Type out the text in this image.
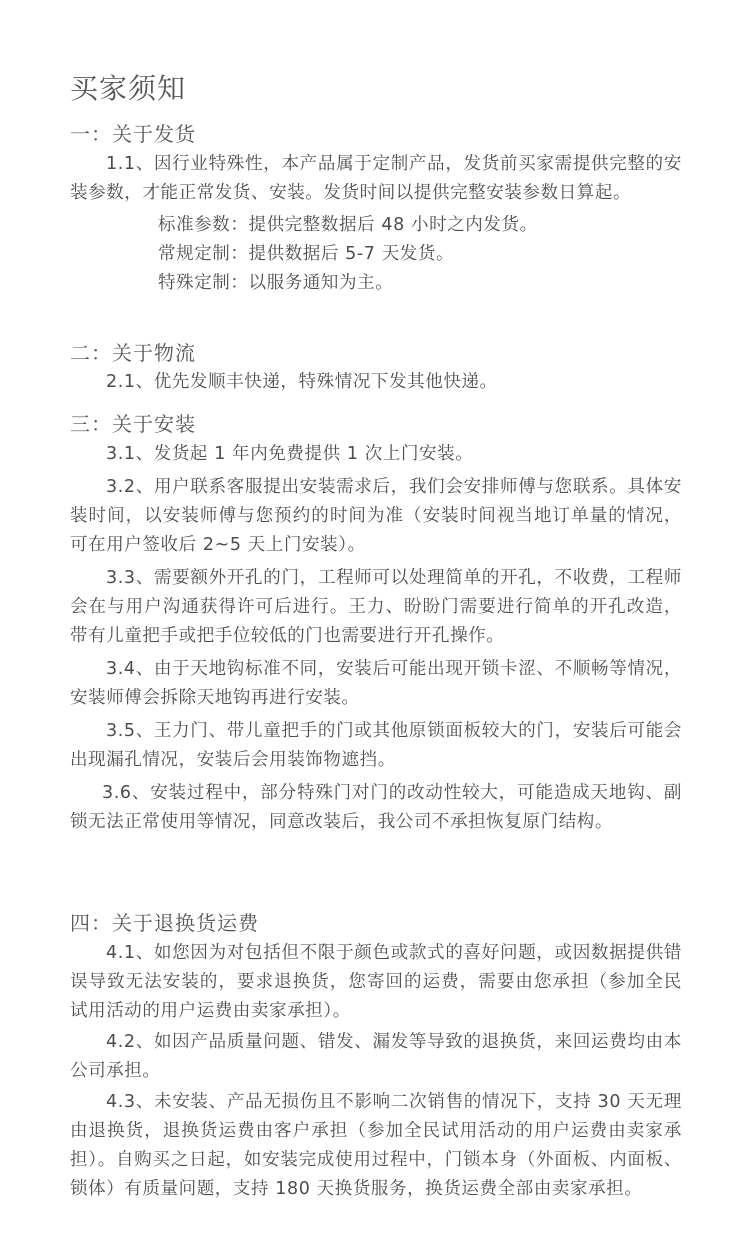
买家须知
一：关于发货
1.1、因行业特殊性，本产品属于定制产品，发货前买家需提供完整的安装参数，才能正常发货、安装。发货时间以提供完整安装参数日算起。
标准参数：提供完整数据后 48 小时之内发货。
常规定制：提供数据后 5-7 天发货。
特殊定制：以服务通知为主。
二：关于物流
2.1、优先发顺丰快递，特殊情况下发其他快递。
三：关于安装
3.1、发货起 1 年内免费提供 1 次上门安装。
3.2、用户联系客服提出安装需求后，我们会安排师傅与您联系。具体安装时间，以安装师傅与您预约的时间为准（安装时间视当地订单量的情况，可在用户签收后 2~5 天上门安装）。
3.3、需要额外开孔的门，工程师可以处理简单的开孔，不收费，工程师会在与用户沟通获得许可后进行。王力、盼盼门需要进行简单的开孔改造，带有儿童把手或把手位较低的门也需要进行开孔操作。
3.4、由于天地钩标准不同，安装后可能出现开锁卡涩、不顺畅等情况，安装师傅会拆除天地钩再进行安装。
3.5、王力门、带儿童把手的门或其他原锁面板较大的门，安装后可能会出现漏孔情况，安装后会用装饰物遮挡。
3.6、安装过程中，部分特殊门对门的改动性较大，可能造成天地钩、副锁无法正常使用等情况，同意改装后，我公司不承担恢复原门结构。
四：关于退换货运费
4.1、如您因为对包括但不限于颜色或款式的喜好问题，或因数据提供错误导致无法安装的，要求退换货，您寄回的运费，需要由您承担（参加全民试用活动的用户运费由卖家承担）。
4.2、如因产品质量问题、错发、漏发等导致的退换货，来回运费均由本公司承担。
4.3、未安装、产品无损伤且不影响二次销售的情况下，支持 30 天无理由退换货，退换货运费由客户承担（参加全民试用活动的用户运费由卖家承担）。自购买之日起，如安装完成使用过程中，门锁本身（外面板、内面板、锁体）有质量问题，支持 180 天换货服务，换货运费全部由卖家承担。
